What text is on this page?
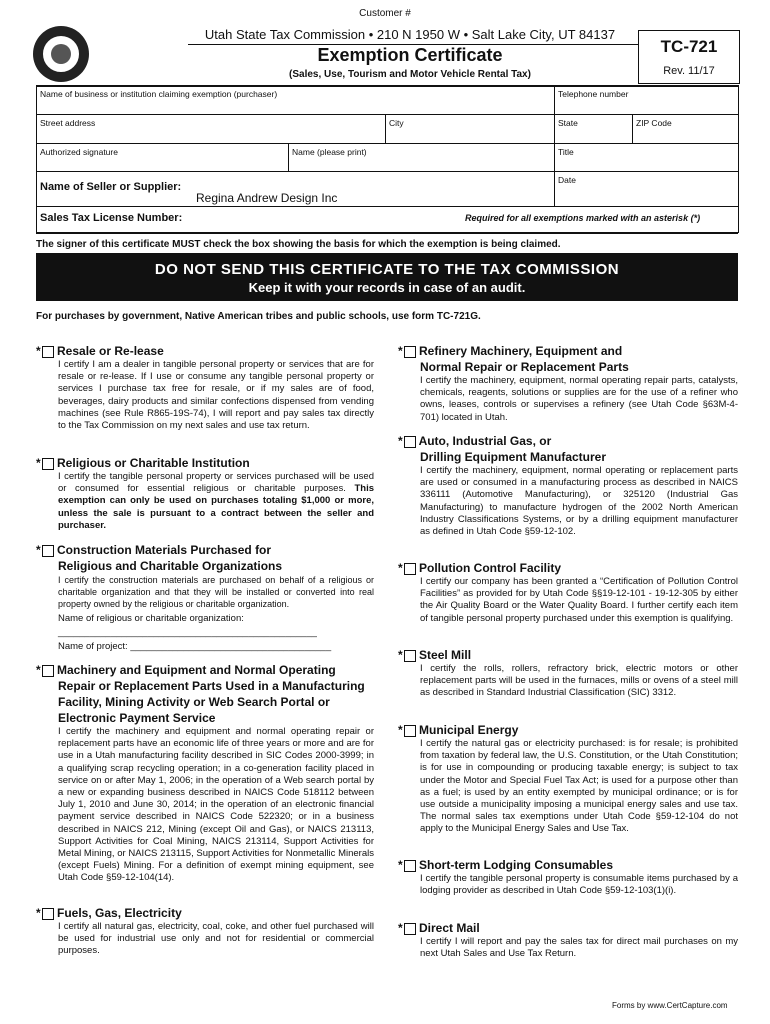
Customer #
Utah State Tax Commission • 210 N 1950 W • Salt Lake City, UT 84137
Exemption Certificate
(Sales, Use, Tourism and Motor Vehicle Rental Tax)
TC-721
Rev. 11/17
Name of business or institution claiming exemption (purchaser)	Telephone number
Street address	City	State	ZIP Code
Authorized signature	Name (please print)	Title
Name of Seller or Supplier:
Regina Andrew Design Inc
Date
Sales Tax License Number:	Required for all exemptions marked with an asterisk (*)
The signer of this certificate MUST check the box showing the basis for which the exemption is being claimed.
DO NOT SEND THIS CERTIFICATE TO THE TAX COMMISSION
Keep it with your records in case of an audit.
For purchases by government, Native American tribes and public schools, use form TC-721G.
* Resale or Re-lease
I certify I am a dealer in tangible personal property or services that are for resale or re-lease. If I use or consume any tangible personal property or services I purchase tax free for resale, or if my sales are of food, beverages, dairy products and similar confections dispensed from vending machines (see Rule R865-19S-74), I will report and pay sales tax directly to the Tax Commission on my next sales and use tax return.
* Religious or Charitable Institution
I certify the tangible personal property or services purchased will be used or consumed for essential religious or charitable purposes. This exemption can only be used on purchases totaling $1,000 or more, unless the sale is pursuant to a contract between the seller and purchaser.
* Construction Materials Purchased for
Religious and Charitable Organizations
I certify the construction materials are purchased on behalf of a religious or charitable organization and that they will be installed or converted into real property owned by the religious or charitable organization.
Name of religious or charitable organization:
_________________________________________________
Name of project: ______________________________________
* Machinery and Equipment and Normal Operating
Repair or Replacement Parts Used in a Manufacturing
Facility, Mining Activity or Web Search Portal or
Electronic Payment Service
I certify the machinery and equipment and normal operating repair or replacement parts have an economic life of three years or more and are for use in a Utah manufacturing facility described in SIC Codes 2000-3999; in a qualifying scrap recycling operation; in a co-generation facility placed in service on or after May 1, 2006; in the operation of a Web search portal by a new or expanding business described in NAICS Code 518112 between July 1, 2010 and June 30, 2014; in the operation of an electronic financial payment service described in NAICS Code 522320; or in a business described in NAICS 212, Mining (except Oil and Gas), or NAICS 213113, Support Activities for Coal Mining, NAICS 213114, Support Activities for Metal Mining, or NAICS 213115, Support Activities for Nonmetallic Minerals (except Fuels) Mining. For a definition of exempt mining equipment, see Utah Code §59-12-104(14).
* Fuels, Gas, Electricity
I certify all natural gas, electricity, coal, coke, and other fuel purchased will be used for industrial use only and not for residential or commercial purposes.
* Refinery Machinery, Equipment and
Normal Repair or Replacement Parts
I certify the machinery, equipment, normal operating repair parts, catalysts, chemicals, reagents, solutions or supplies are for the use of a refiner who owns, leases, controls or supervises a refinery (see Utah Code §63M-4-701) located in Utah.
* Auto, Industrial Gas, or
Drilling Equipment Manufacturer
I certify the machinery, equipment, normal operating or replacement parts are used or consumed in a manufacturing process as described in NAICS 336111 (Automotive Manufacturing), or 325120 (Industrial Gas Manufacturing) to manufacture hydrogen of the 2002 North American Industry Classifications Systems, or by a drilling equipment manufacturer as defined in Utah Code §59-12-102.
* Pollution Control Facility
I certify our company has been granted a “Certification of Pollution Control Facilities” as provided for by Utah Code §§19-12-101 - 19-12-305 by either the Air Quality Board or the Water Quality Board. I further certify each item of tangible personal property purchased under this exemption is qualifying.
* Steel Mill
I certify the rolls, rollers, refractory brick, electric motors or other replacement parts will be used in the furnaces, mills or ovens of a steel mill as described in Standard Industrial Classification (SIC) 3312.
* Municipal Energy
I certify the natural gas or electricity purchased: is for resale; is prohibited from taxation by federal law, the U.S. Constitution, or the Utah Constitution; is for use in compounding or producing taxable energy; is subject to tax under the Motor and Special Fuel Tax Act; is used for a purpose other than as a fuel; is used by an entity exempted by municipal ordinance; or is for use outside a municipality imposing a municipal energy sales and use tax. The normal sales tax exemptions under Utah Code §59-12-104 do not apply to the Municipal Energy Sales and Use Tax.
* Short-term Lodging Consumables
I certify the tangible personal property is consumable items purchased by a lodging provider as described in Utah Code §59-12-103(1)(i).
* Direct Mail
I certify I will report and pay the sales tax for direct mail purchases on my next Utah Sales and Use Tax Return.
Forms by www.CertCapture.com
